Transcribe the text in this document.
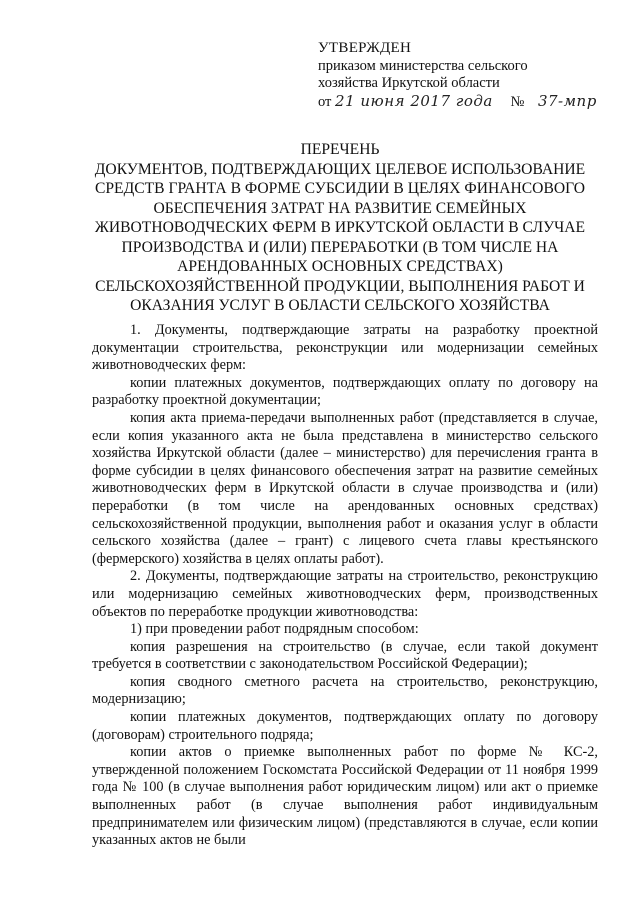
УТВЕРЖДЕН
приказом министерства сельского
хозяйства Иркутской области
от 21 июня 2017 года № 37-мпр
ПЕРЕЧЕНЬ
ДОКУМЕНТОВ, ПОДТВЕРЖДАЮЩИХ ЦЕЛЕВОЕ ИСПОЛЬЗОВАНИЕ
СРЕДСТВ ГРАНТА В ФОРМЕ СУБСИДИИ В ЦЕЛЯХ ФИНАНСОВОГО
ОБЕСПЕЧЕНИЯ ЗАТРАТ НА РАЗВИТИЕ СЕМЕЙНЫХ
ЖИВОТНОВОДЧЕСКИХ ФЕРМ В ИРКУТСКОЙ ОБЛАСТИ В СЛУЧАЕ
ПРОИЗВОДСТВА И (ИЛИ) ПЕРЕРАБОТКИ (В ТОМ ЧИСЛЕ НА
АРЕНДОВАННЫХ ОСНОВНЫХ СРЕДСТВАХ)
СЕЛЬСКОХОЗЯЙСТВЕННОЙ ПРОДУКЦИИ, ВЫПОЛНЕНИЯ РАБОТ И
ОКАЗАНИЯ УСЛУГ В ОБЛАСТИ СЕЛЬСКОГО ХОЗЯЙСТВА

1. Документы, подтверждающие затраты на разработку проектной документации строительства, реконструкции или модернизации семейных животноводческих ферм:

копии платежных документов, подтверждающих оплату по договору на разработку проектной документации;

копия акта приема-передачи выполненных работ (представляется в случае, если копия указанного акта не была представлена в министерство сельского хозяйства Иркутской области (далее – министерство) для перечисления гранта в форме субсидии в целях финансового обеспечения затрат на развитие семейных животноводческих ферм в Иркутской области в случае производства и (или) переработки (в том числе на арендованных основных средствах) сельскохозяйственной продукции, выполнения работ и оказания услуг в области сельского хозяйства (далее – грант) с лицевого счета главы крестьянского (фермерского) хозяйства в целях оплаты работ).

2. Документы, подтверждающие затраты на строительство, реконструкцию или модернизацию семейных животноводческих ферм, производственных объектов по переработке продукции животноводства:

1) при проведении работ подрядным способом:

копия разрешения на строительство (в случае, если такой документ требуется в соответствии с законодательством Российской Федерации);

копия сводного сметного расчета на строительство, реконструкцию, модернизацию;

копии платежных документов, подтверждающих оплату по договору (договорам) строительного подряда;

копии актов о приемке выполненных работ по форме № КС-2, утвержденной положением Госкомстата Российской Федерации от 11 ноября 1999 года № 100 (в случае выполнения работ юридическим лицом) или акт о приемке выполненных работ (в случае выполнения работ индивидуальным предпринимателем или физическим лицом) (представляются в случае, если копии указанных актов не были
